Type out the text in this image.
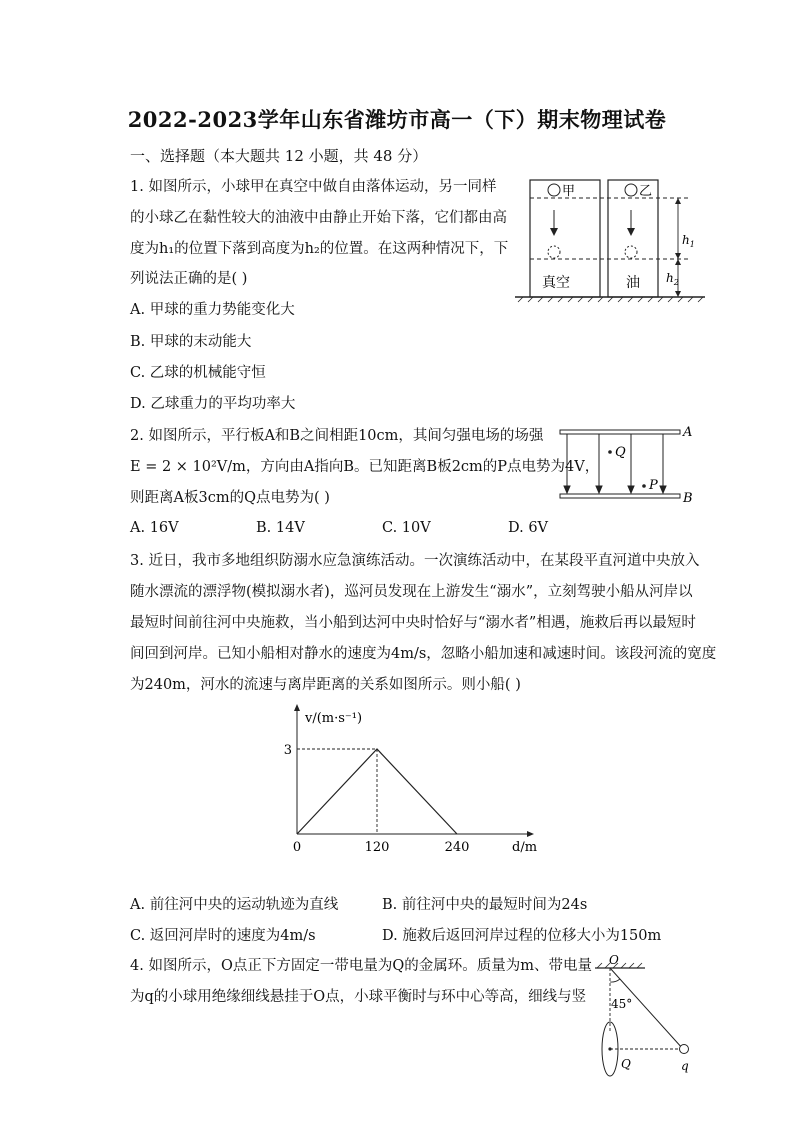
2022-2023学年山东省潍坊市高一（下）期末物理试卷
一、选择题（本大题共 12 小题，共 48 分）
1. 如图所示，小球甲在真空中做自由落体运动，另一同样
的小球乙在黏性较大的油液中由静止开始下落，它们都由高
度为h₁的位置下落到高度为h₂的位置。在这两种情况下，下
列说法正确的是( )
A. 甲球的重力势能变化大
B. 甲球的末动能大
C. 乙球的机械能守恒
D. 乙球重力的平均功率大
甲	乙
真空	油
$h_1$
$h_2$
2. 如图所示，平行板A和B之间相距10cm，其间匀强电场的场强
E = 2 × 10²V/m，方向由A指向B。已知距离B板2cm的P点电势为4V，
则距离A板3cm的Q点电势为( )
A. 16V	B. 14V	C. 10V	D. 6V
A
B
Q
P
3. 近日，我市多地组织防溺水应急演练活动。一次演练活动中，在某段平直河道中央放入
随水漂流的漂浮物(模拟溺水者)，巡河员发现在上游发生“溺水”，立刻驾驶小船从河岸以
最短时间前往河中央施救，当小船到达河中央时恰好与“溺水者”相遇，施救后再以最短时
间回到河岸。已知小船相对静水的速度为4m/s，忽略小船加速和减速时间。该段河流的宽度
为240m，河水的流速与离岸距离的关系如图所示。则小船( )
v/(m·s⁻¹)
d/m
3
0	120	240
A. 前往河中央的运动轨迹为直线	B. 前往河中央的最短时间为24s
C. 返回河岸时的速度为4m/s	D. 施救后返回河岸过程的位移大小为150m
4. 如图所示，O点正下方固定一带电量为Q的金属环。质量为m、带电量
为q的小球用绝缘细线悬挂于O点，小球平衡时与环中心等高，细线与竖
O
45°
Q	q
